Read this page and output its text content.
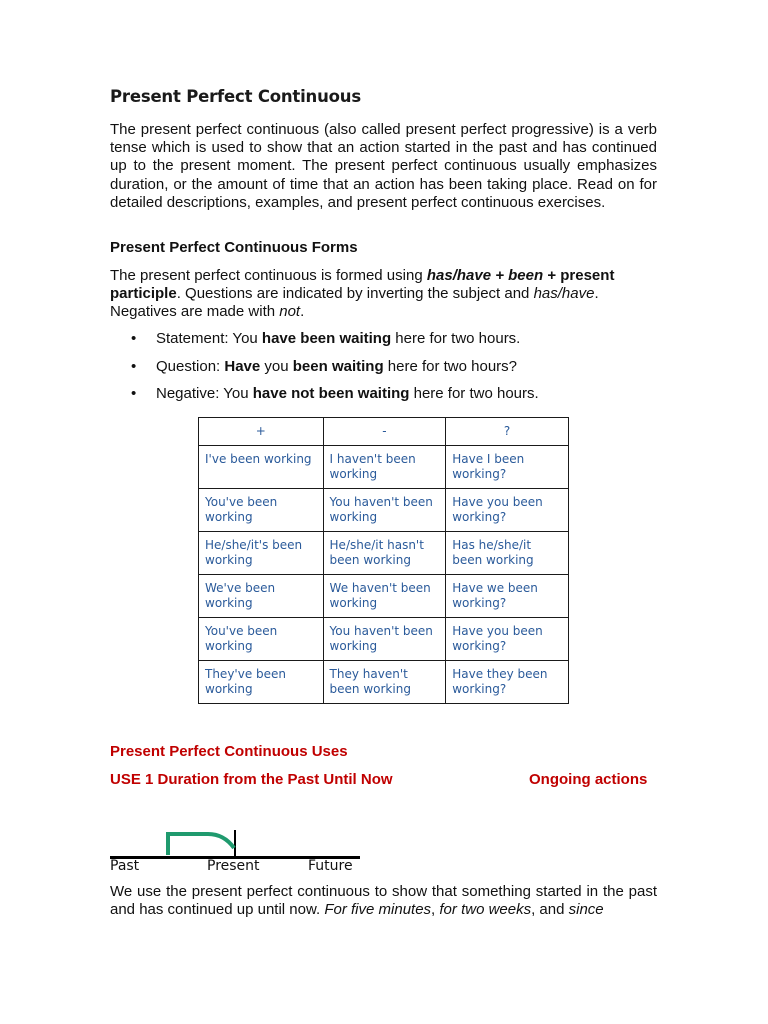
Present Perfect Continuous
The present perfect continuous (also called present perfect progressive) is a verb tense which is used to show that an action started in the past and has continued up to the present moment. The present perfect continuous usually emphasizes duration, or the amount of time that an action has been taking place. Read on for detailed descriptions, examples, and present perfect continuous exercises.
Present Perfect Continuous Forms
The present perfect continuous is formed using has/have + been + present participle. Questions are indicated by inverting the subject and has/have. Negatives are made with not.
• Statement: You have been waiting here for two hours.
• Question: Have you been waiting here for two hours?
• Negative: You have not been waiting here for two hours.
+	-	?
I've been working	I haven't been working	Have I been working?
You've been working	You haven't been working	Have you been working?
He/she/it's been working	He/she/it hasn't been working	Has he/she/it been working
We've been working	We haven't been working	Have we been working?
You've been working	You haven't been working	Have you been working?
They've been working	They haven't been working	Have they been working?
Present Perfect Continuous Uses
USE 1 Duration from the Past Until Now	Ongoing actions
Past	Present	Future
We use the present perfect continuous to show that something started in the past and has continued up until now. For five minutes, for two weeks, and since
